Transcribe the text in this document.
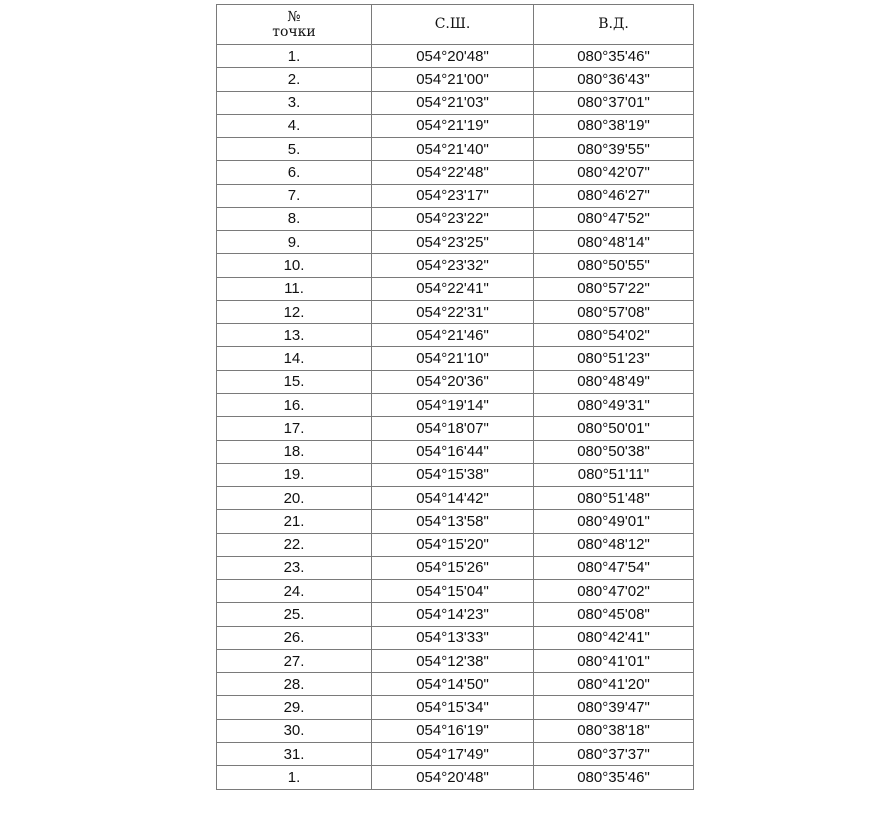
№
точки	С.Ш.	В.Д.
1.	054°20'48"	080°35'46"
2.	054°21'00"	080°36'43"
3.	054°21'03"	080°37'01"
4.	054°21'19"	080°38'19"
5.	054°21'40"	080°39'55"
6.	054°22'48"	080°42'07"
7.	054°23'17"	080°46'27"
8.	054°23'22"	080°47'52"
9.	054°23'25"	080°48'14"
10.	054°23'32"	080°50'55"
11.	054°22'41"	080°57'22"
12.	054°22'31"	080°57'08"
13.	054°21'46"	080°54'02"
14.	054°21'10"	080°51'23"
15.	054°20'36"	080°48'49"
16.	054°19'14"	080°49'31"
17.	054°18'07"	080°50'01"
18.	054°16'44"	080°50'38"
19.	054°15'38"	080°51'11"
20.	054°14'42"	080°51'48"
21.	054°13'58"	080°49'01"
22.	054°15'20"	080°48'12"
23.	054°15'26"	080°47'54"
24.	054°15'04"	080°47'02"
25.	054°14'23"	080°45'08"
26.	054°13'33"	080°42'41"
27.	054°12'38"	080°41'01"
28.	054°14'50"	080°41'20"
29.	054°15'34"	080°39'47"
30.	054°16'19"	080°38'18"
31.	054°17'49"	080°37'37"
1.	054°20'48"	080°35'46"
